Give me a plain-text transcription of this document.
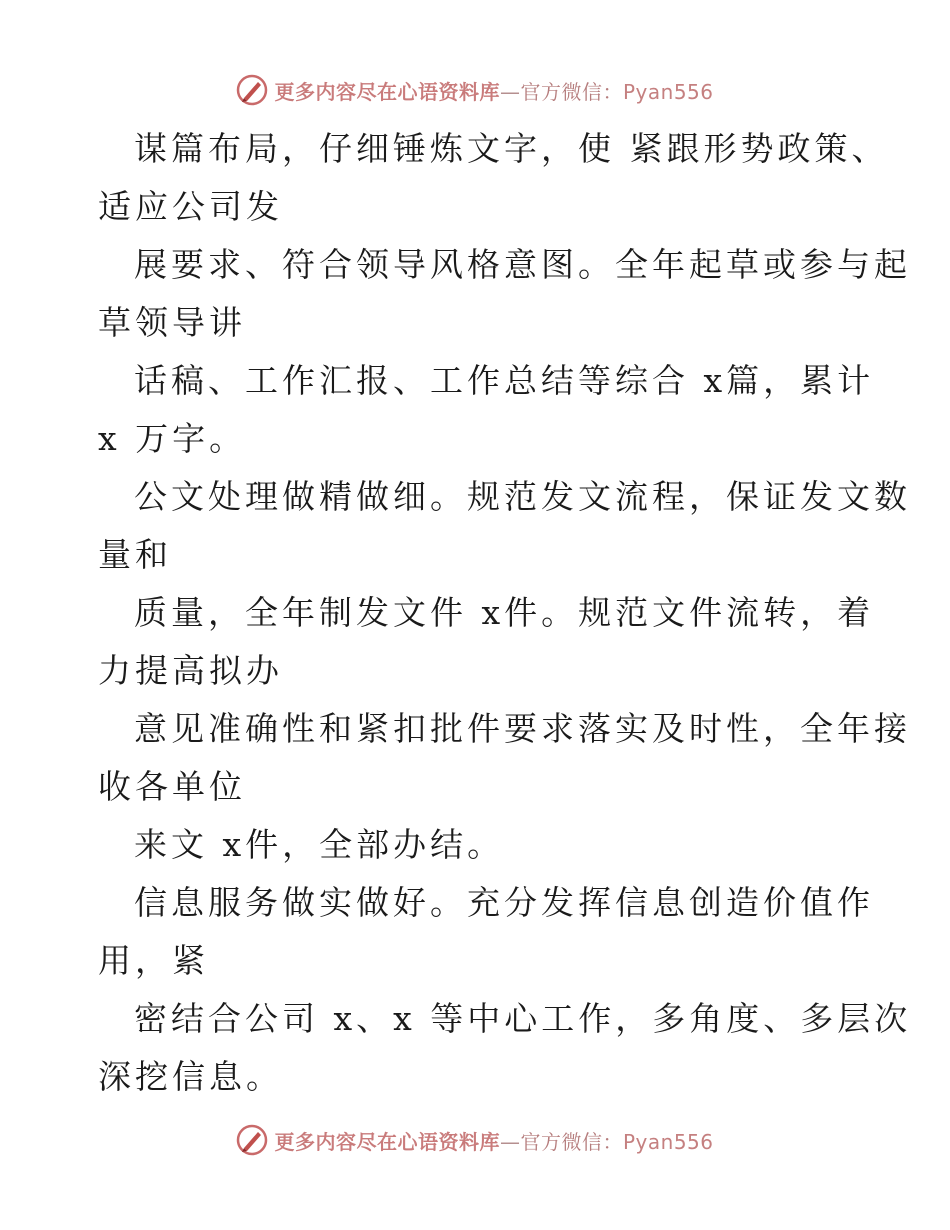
更多内容尽在心语资料库—官方微信：Pyan556
谋篇布局，仔细锤炼文字，使 紧跟形势政策、
适应公司发
展要求、符合领导风格意图。全年起草或参与起
草领导讲
话稿、工作汇报、工作总结等综合 x篇，累计
x 万字。
公文处理做精做细。规范发文流程，保证发文数
量和
质量，全年制发文件 x件。规范文件流转，着
力提高拟办
意见准确性和紧扣批件要求落实及时性，全年接
收各单位
来文 x件，全部办结。
信息服务做实做好。充分发挥信息创造价值作
用，紧
密结合公司 x、x 等中心工作，多角度、多层次
深挖信息。
更多内容尽在心语资料库—官方微信：Pyan556
